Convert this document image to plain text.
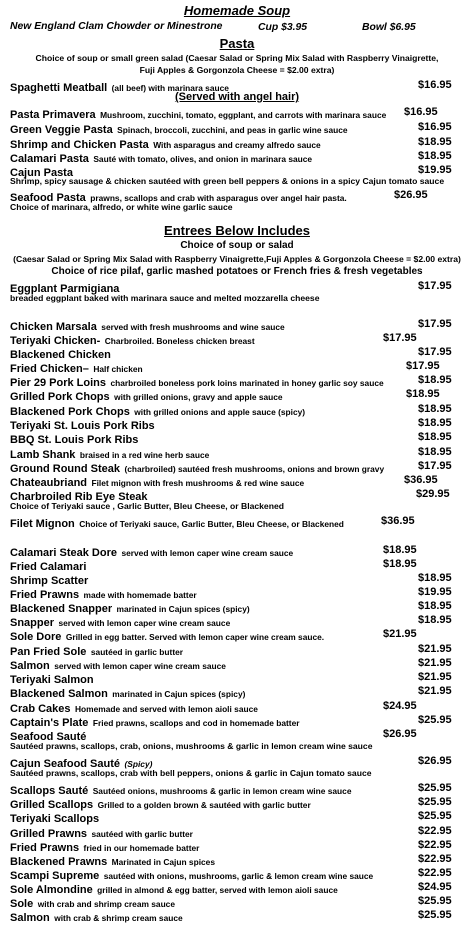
Homemade Soup
New England Clam Chowder or Minestrone	Cup $3.95	Bowl $6.95
Pasta
Choice of soup or small green salad (Caesar Salad or Spring Mix Salad with Raspberry Vinaigrette,
Fuji Apples & Gorgonzola Cheese = $2.00 extra)
Spaghetti Meatball (all beef) with marinara sauce	$16.95
(Served with angel hair)
Pasta Primavera Mushroom, zucchini, tomato, eggplant, and carrots with marinara sauce	$16.95
Green Veggie Pasta Spinach, broccoli, zucchini, and peas in garlic wine sauce	$16.95
Shrimp and Chicken Pasta With asparagus and creamy alfredo sauce	$18.95
Calamari Pasta Sauté with tomato, olives, and onion in marinara sauce	$18.95
Cajun Pasta	$19.95
Shrimp, spicy sausage & chicken sautéed with green bell peppers & onions in a spicy Cajun tomato sauce
Seafood Pasta prawns, scallops and crab with asparagus over angel hair pasta.	$26.95
Choice of marinara, alfredo, or white wine garlic sauce
Entrees Below Includes
Choice of soup or salad
(Caesar Salad or Spring Mix Salad with Raspberry Vinaigrette,Fuji Apples & Gorgonzola Cheese = $2.00 extra)
Choice of rice pilaf, garlic mashed potatoes or French fries & fresh vegetables
Eggplant Parmigiana	$17.95
breaded eggplant baked with marinara sauce and melted mozzarella cheese
Chicken Marsala served with fresh mushrooms and wine sauce	$17.95
Teriyaki Chicken- Charbroiled. Boneless chicken breast	$17.95
Blackened Chicken	$17.95
Fried Chicken– Half chicken	$17.95
Pier 29 Pork Loins charbroiled boneless pork loins marinated in honey garlic soy sauce	$18.95
Grilled Pork Chops with grilled onions, gravy and apple sauce	$18.95
Blackened Pork Chops with grilled onions and apple sauce (spicy)	$18.95
Teriyaki St. Louis Pork Ribs	$18.95
BBQ St. Louis Pork Ribs	$18.95
Lamb Shank braised in a red wine herb sauce	$18.95
Ground Round Steak (charbroiled) sautéed fresh mushrooms, onions and brown gravy	$17.95
Chateaubriand Filet mignon with fresh mushrooms & red wine sauce	$36.95
Charbroiled Rib Eye Steak	$29.95
Choice of Teriyaki sauce , Garlic Butter, Bleu Cheese, or Blackened
Filet Mignon Choice of Teriyaki sauce, Garlic Butter, Bleu Cheese, or Blackened	$36.95
Calamari Steak Dore served with lemon caper wine cream sauce	$18.95
Fried Calamari	$18.95
Shrimp Scatter	$18.95
Fried Prawns made with homemade batter	$19.95
Blackened Snapper marinated in Cajun spices (spicy)	$18.95
Snapper served with lemon caper wine cream sauce	$18.95
Sole Dore Grilled in egg batter. Served with lemon caper wine cream sauce.	$21.95
Pan Fried Sole sautéed in garlic butter	$21.95
Salmon served with lemon caper wine cream sauce	$21.95
Teriyaki Salmon	$21.95
Blackened Salmon marinated in Cajun spices (spicy)	$21.95
Crab Cakes Homemade and served with lemon aioli sauce	$24.95
Captain's Plate Fried prawns, scallops and cod in homemade batter	$25.95
Seafood Sauté	$26.95
Sautéed prawns, scallops, crab, onions, mushrooms & garlic in lemon cream wine sauce
Cajun Seafood Sauté (Spicy)	$26.95
Sautéed prawns, scallops, crab with bell peppers, onions & garlic in Cajun tomato sauce
Scallops Sauté Sautéed onions, mushrooms & garlic in lemon cream wine sauce	$25.95
Grilled Scallops Grilled to a golden brown & sautéed with garlic butter	$25.95
Teriyaki Scallops	$25.95
Grilled Prawns sautéed with garlic butter	$22.95
Fried Prawns fried in our homemade batter	$22.95
Blackened Prawns Marinated in Cajun spices	$22.95
Scampi Supreme sautéed with onions, mushrooms, garlic & lemon cream wine sauce	$22.95
Sole Almondine grilled in almond & egg batter, served with lemon aioli sauce	$24.95
Sole with crab and shrimp cream sauce	$25.95
Salmon with crab & shrimp cream sauce	$25.95
